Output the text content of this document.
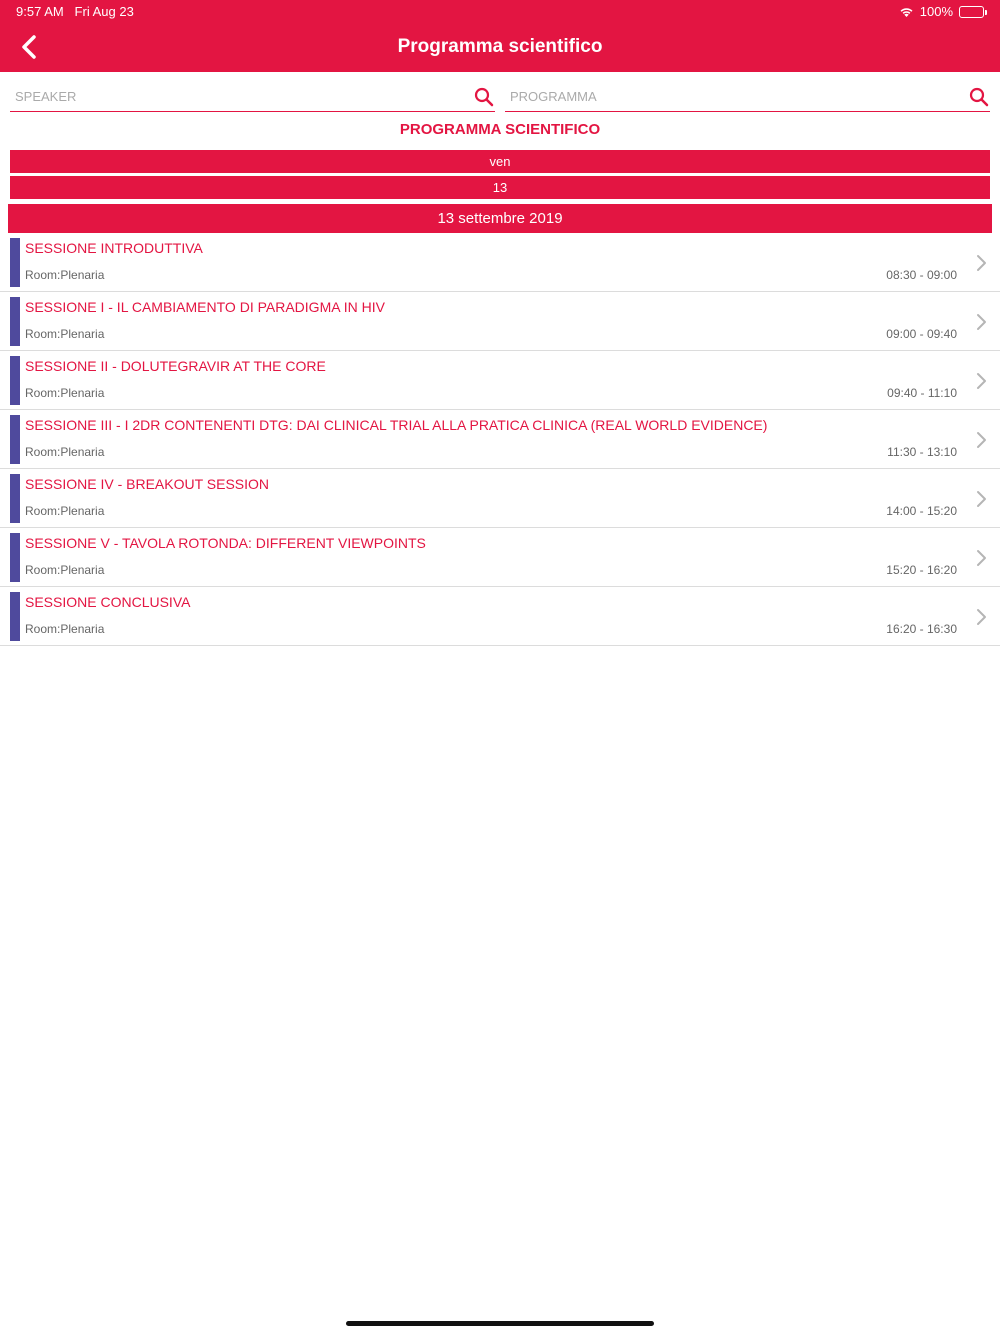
9:57 AM Fri Aug 23	100%
Programma scientifico
SPEAKER	PROGRAMMA
PROGRAMMA SCIENTIFICO
ven
13
13 settembre 2019
SESSIONE INTRODUTTIVA
Room:Plenaria	08:30 - 09:00
SESSIONE I - IL CAMBIAMENTO DI PARADIGMA IN HIV
Room:Plenaria	09:00 - 09:40
SESSIONE II - DOLUTEGRAVIR AT THE CORE
Room:Plenaria	09:40 - 11:10
SESSIONE III - I 2DR CONTENENTI DTG: DAI CLINICAL TRIAL ALLA PRATICA CLINICA (REAL WORLD EVIDENCE)
Room:Plenaria	11:30 - 13:10
SESSIONE IV - BREAKOUT SESSION
Room:Plenaria	14:00 - 15:20
SESSIONE V - TAVOLA ROTONDA: DIFFERENT VIEWPOINTS
Room:Plenaria	15:20 - 16:20
SESSIONE CONCLUSIVA
Room:Plenaria	16:20 - 16:30
